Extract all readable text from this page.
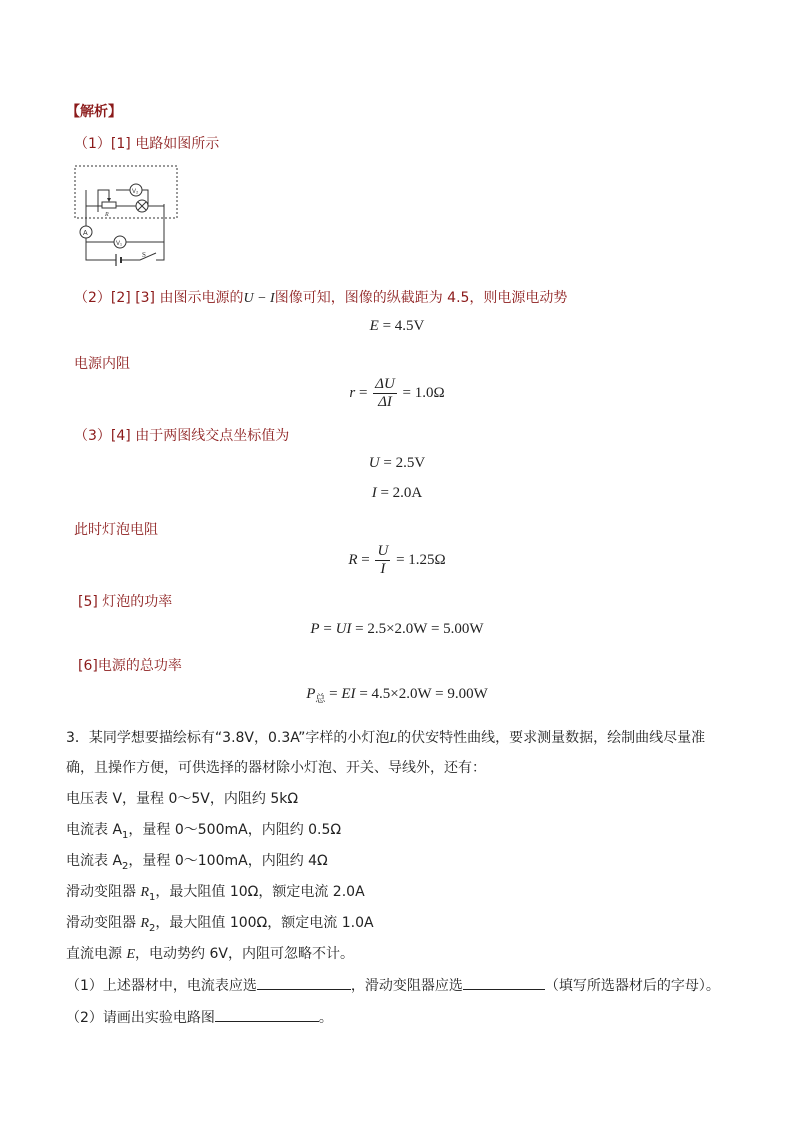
【解析】
（1）[1] 电路如图所示
S
R
V₂
A
V₁
（2）[2] [3] 由图示电源的U − I图像可知，图像的纵截距为 4.5，则电源电动势
E = 4.5V
电源内阻
$r = \frac{\Delta U}{\Delta I} = 1.0\Omega$
（3）[4] 由于两图线交点坐标值为
U = 2.5V
I = 2.0A
此时灯泡电阻
$R = \frac{U}{I} = 1.25\Omega$
[5] 灯泡的功率
P = UI = 2.5×2.0W = 5.00W
[6]电源的总功率
$P_总$ = EI = 4.5×2.0W = 9.00W
3．某同学想要描绘标有“3.8V，0.3A”字样的小灯泡L的伏安特性曲线，要求测量数据，绘制曲线尽量准
确，且操作方便，可供选择的器材除小灯泡、开关、导线外，还有：
电压表 V，量程 0～5V，内阻约 5kΩ
电流表 $A_1$，量程 0～500mA，内阻约 0.5Ω
电流表 $A_2$，量程 0～100mA，内阻约 4Ω
滑动变阻器 $R_1$，最大阻值 10Ω，额定电流 2.0A
滑动变阻器 $R_2$，最大阻值 100Ω，额定电流 1.0A
直流电源 E，电动势约 6V，内阻可忽略不计。
（1）上述器材中，电流表应选	，滑动变阻器应选	（填写所选器材后的字母）。
（2）请画出实验电路图	。
